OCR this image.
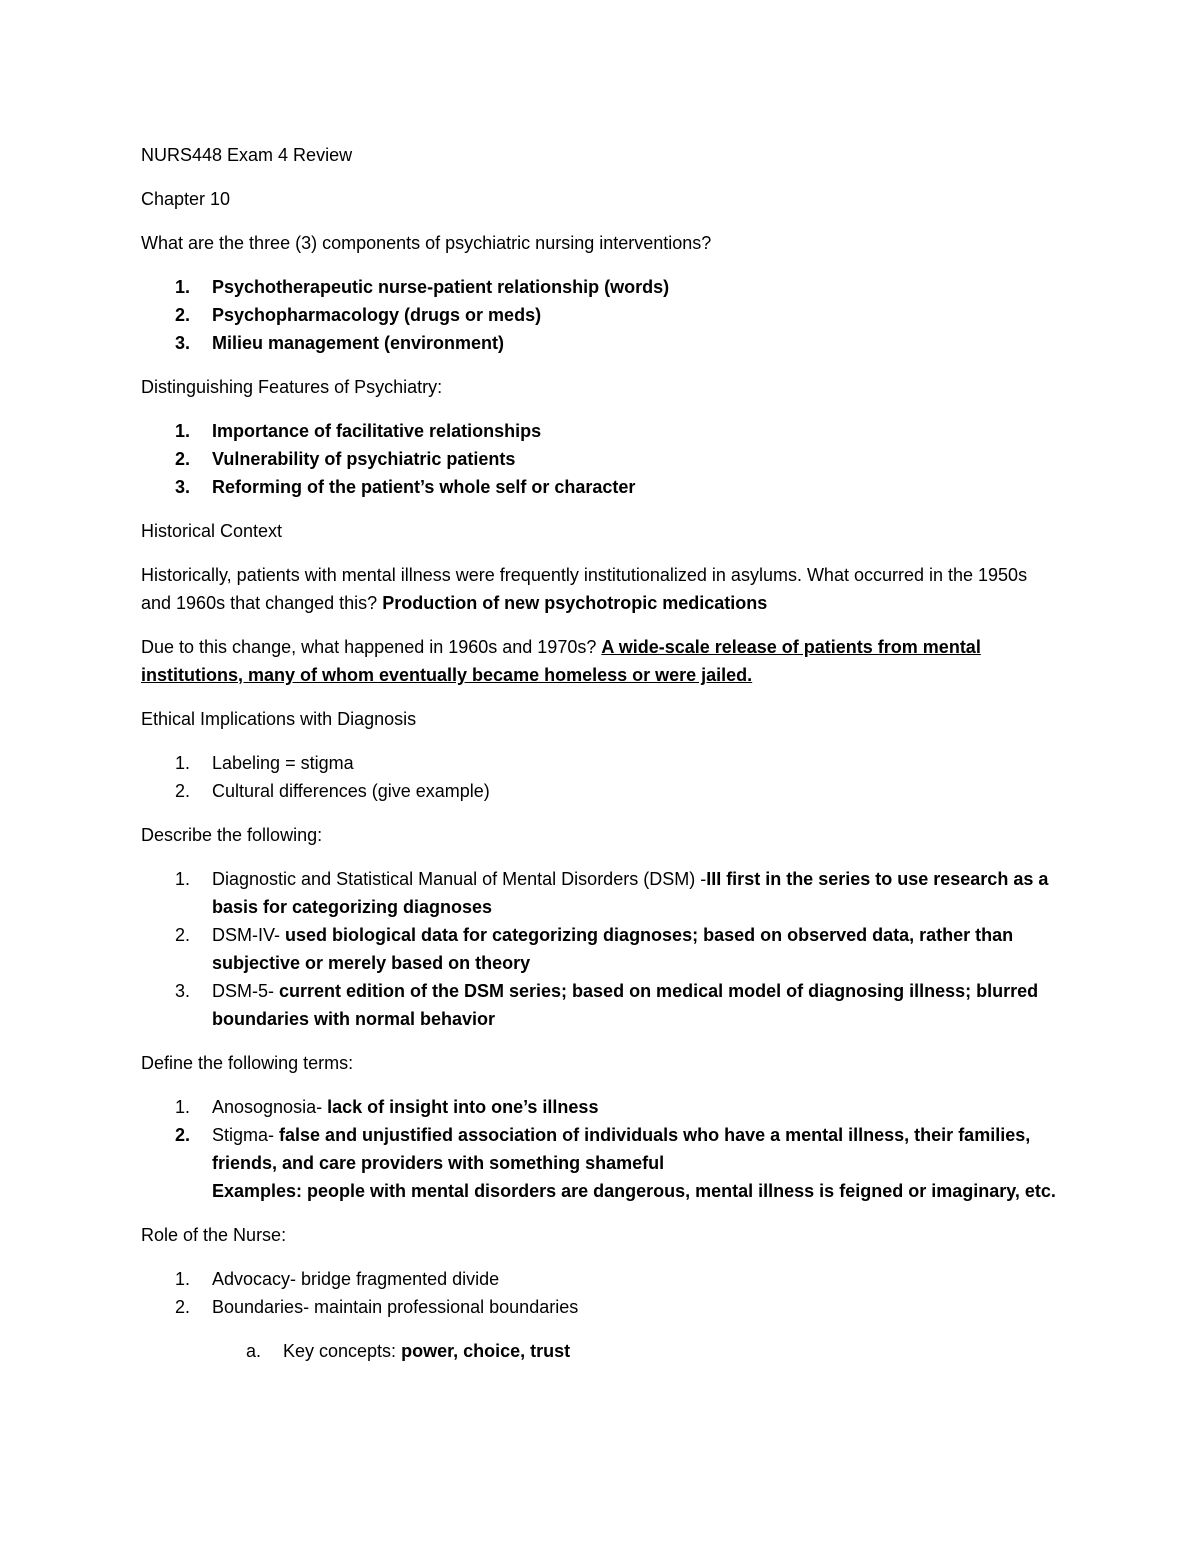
NURS448 Exam 4 Review

Chapter 10

What are the three (3) components of psychiatric nursing interventions?

1. Psychotherapeutic nurse-patient relationship (words)
2. Psychopharmacology (drugs or meds)
3. Milieu management (environment)

Distinguishing Features of Psychiatry:

1. Importance of facilitative relationships
2. Vulnerability of psychiatric patients
3. Reforming of the patient’s whole self or character

Historical Context

Historically, patients with mental illness were frequently institutionalized in asylums. What occurred in the 1950s and 1960s that changed this? Production of new psychotropic medications

Due to this change, what happened in 1960s and 1970s? A wide-scale release of patients from mental institutions, many of whom eventually became homeless or were jailed.

Ethical Implications with Diagnosis

1. Labeling = stigma
2. Cultural differences (give example)

Describe the following:

1. Diagnostic and Statistical Manual of Mental Disorders (DSM) -III first in the series to use research as a basis for categorizing diagnoses
2. DSM-IV- used biological data for categorizing diagnoses; based on observed data, rather than subjective or merely based on theory
3. DSM-5- current edition of the DSM series; based on medical model of diagnosing illness; blurred boundaries with normal behavior

Define the following terms:

1. Anosognosia- lack of insight into one’s illness
2. Stigma- false and unjustified association of individuals who have a mental illness, their families, friends, and care providers with something shameful
Examples: people with mental disorders are dangerous, mental illness is feigned or imaginary, etc.

Role of the Nurse:

1. Advocacy- bridge fragmented divide
2. Boundaries- maintain professional boundaries
a. Key concepts: power, choice, trust
